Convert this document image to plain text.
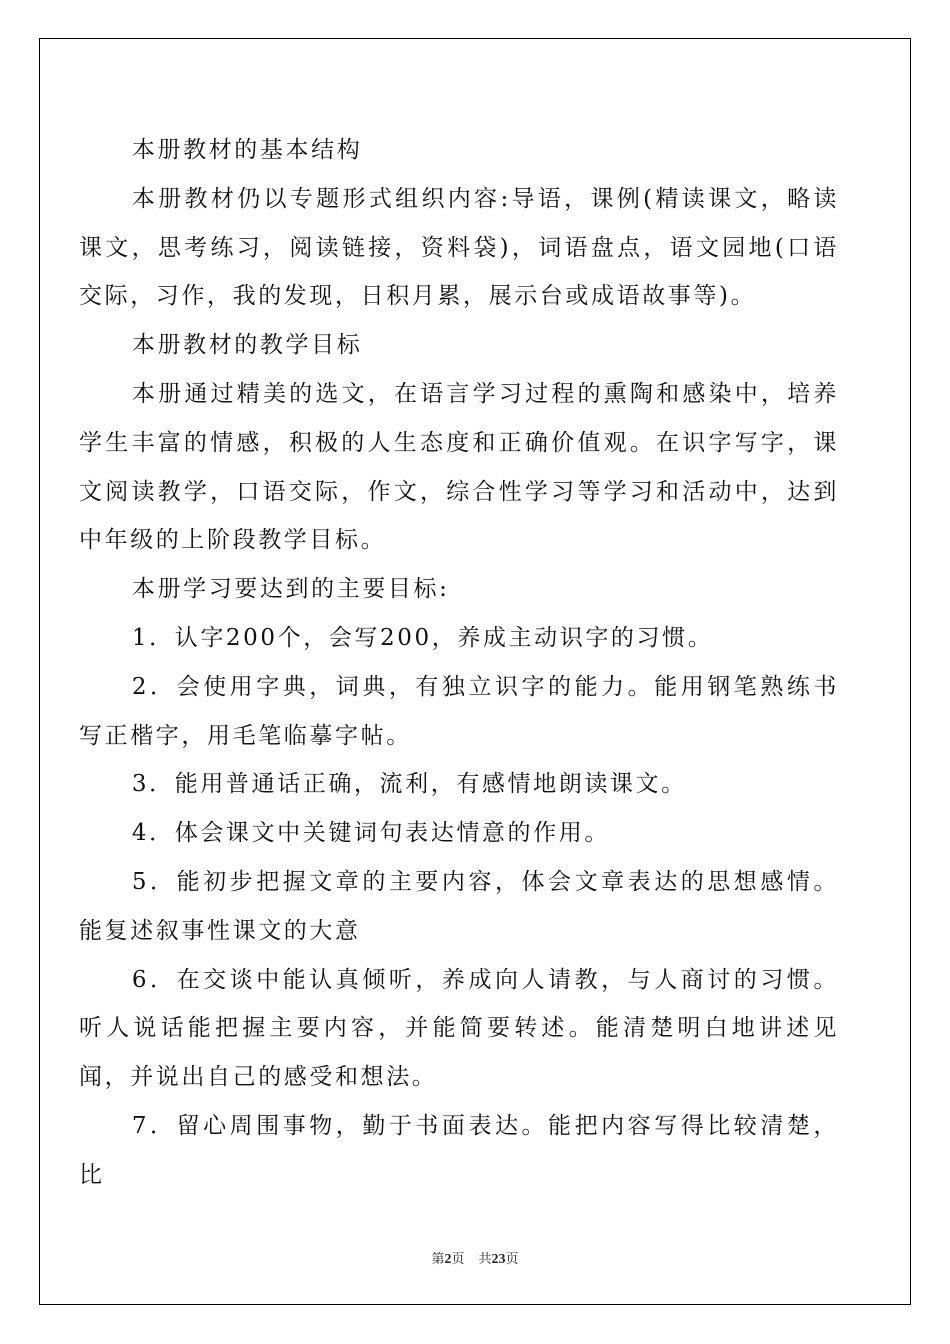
本册教材的基本结构

本册教材仍以专题形式组织内容:导语，课例(精读课文，略读课文，思考练习，阅读链接，资料袋)，词语盘点，语文园地(口语交际，习作，我的发现，日积月累，展示台或成语故事等)。

本册教材的教学目标

本册通过精美的选文，在语言学习过程的熏陶和感染中，培养学生丰富的情感，积极的人生态度和正确价值观。在识字写字，课文阅读教学，口语交际，作文，综合性学习等学习和活动中，达到中年级的上阶段教学目标。

本册学习要达到的主要目标:

1．认字200个，会写200，养成主动识字的习惯。

2．会使用字典，词典，有独立识字的能力。能用钢笔熟练书写正楷字，用毛笔临摹字帖。

3．能用普通话正确，流利，有感情地朗读课文。

4．体会课文中关键词句表达情意的作用。

5．能初步把握文章的主要内容，体会文章表达的思想感情。能复述叙事性课文的大意

6．在交谈中能认真倾听，养成向人请教，与人商讨的习惯。听人说话能把握主要内容，并能简要转述。能清楚明白地讲述见闻，并说出自己的感受和想法。

7．留心周围事物，勤于书面表达。能把内容写得比较清楚，比

第2页 共23页
